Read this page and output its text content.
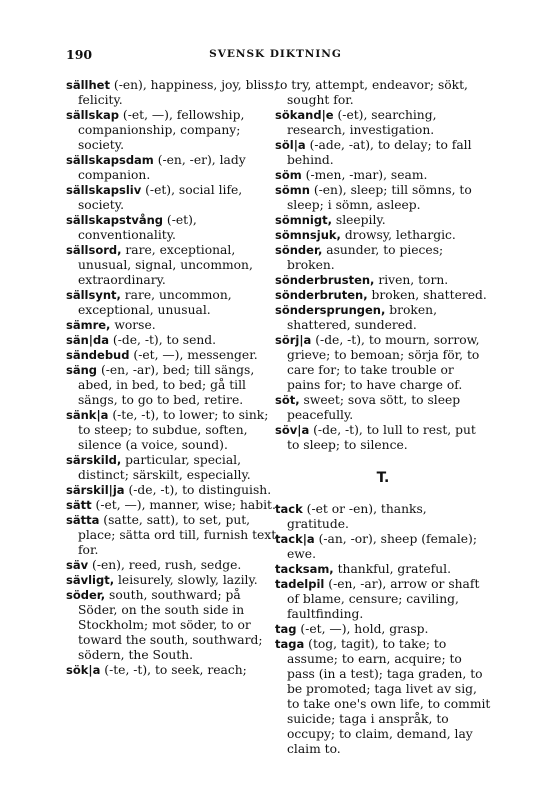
190	SVENSK DIKTNING

sällhet (-en), happiness, joy, bliss, felicity.

sällskap (-et, —), fellowship, companionship, company; society.

sällskapsdam (-en, -er), lady companion.

sällskapsliv (-et), social life, society.

sällskapstvång (-et), conventionality.

sällsord, rare, exceptional, unusual, signal, uncommon, extraordinary.

sällsynt, rare, uncommon, exceptional, unusual.

sämre, worse.

sän|da (-de, -t), to send.

sändebud (-et, —), messenger.

säng (-en, -ar), bed; till sängs, abed, in bed, to bed; gå till sängs, to go to bed, retire.

sänk|a (-te, -t), to lower; to sink; to steep; to subdue, soften, silence (a voice, sound).

särskild, particular, special, distinct; särskilt, especially.

särskil|ja (-de, -t), to distinguish.

sätt (-et, —), manner, wise; habit.

sätta (satte, satt), to set, put, place; sätta ord till, furnish text for.

säv (-en), reed, rush, sedge.

sävligt, leisurely, slowly, lazily.

söder, south, southward; på Söder, on the south side in Stockholm; mot söder, to or toward the south, southward; södern, the South.

sök|a (-te, -t), to seek, reach;

to try, attempt, endeavor; sökt, sought for.

sökand|e (-et), searching, research, investigation.

söl|a (-ade, -at), to delay; to fall behind.

söm (-men, -mar), seam.

sömn (-en), sleep; till sömns, to sleep; i sömn, asleep.

sömnigt, sleepily.

sömnsjuk, drowsy, lethargic.

sönder, asunder, to pieces; broken.

sönderbrusten, riven, torn.

sönderbruten, broken, shattered.

söndersprungen, broken, shattered, sundered.

sörj|a (-de, -t), to mourn, sorrow, grieve; to bemoan; sörja för, to care for; to take trouble or pains for; to have charge of.

söt, sweet; sova sött, to sleep peacefully.

söv|a (-de, -t), to lull to rest, put to sleep; to silence.

T.

tack (-et or -en), thanks, gratitude.

tack|a (-an, -or), sheep (female); ewe.

tacksam, thankful, grateful.

tadelpil (-en, -ar), arrow or shaft of blame, censure; caviling, faultfinding.

tag (-et, —), hold, grasp.

taga (tog, tagit), to take; to assume; to earn, acquire; to pass (in a test); taga graden, to be promoted; taga livet av sig, to take one's own life, to commit suicide; taga i anspråk, to occupy; to claim, demand, lay claim to.
